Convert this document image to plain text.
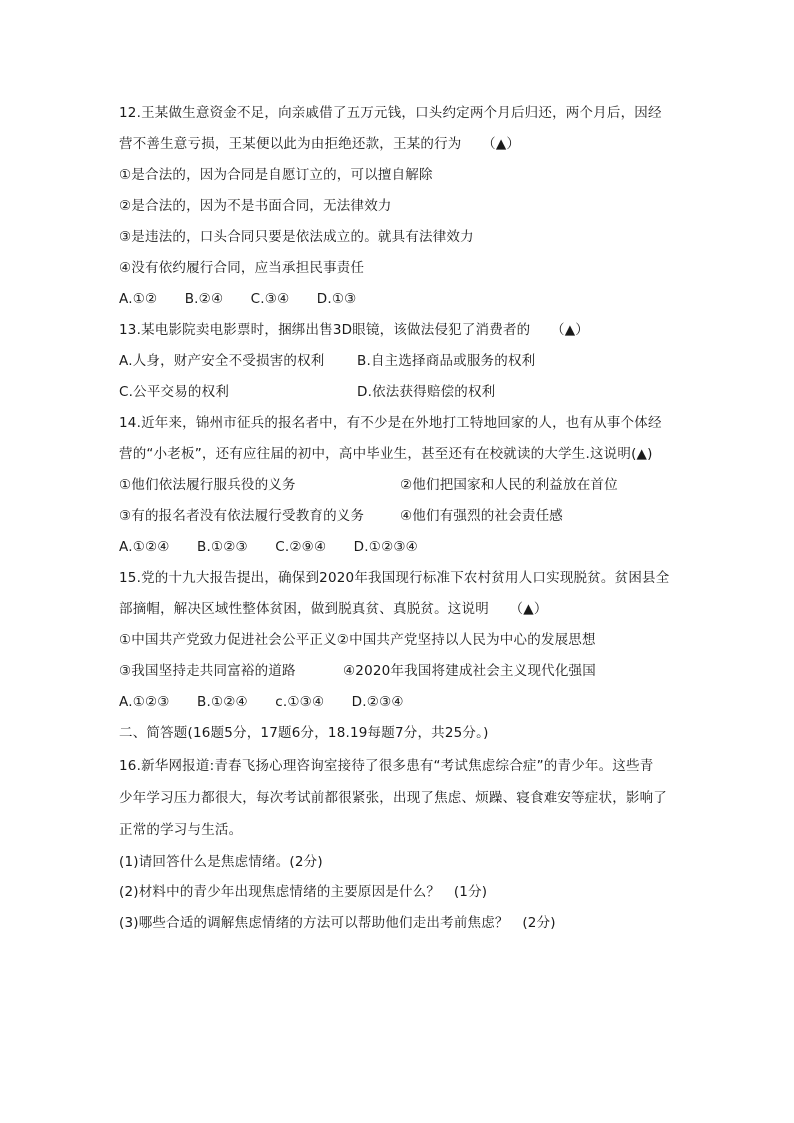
12.王某做生意资金不足，向亲戚借了五万元钱，口头约定两个月后归还，两个月后，因经
营不善生意亏损，王某便以此为由拒绝还款，王某的行为　　（▲）
①是合法的，因为合同是自愿订立的，可以擅自解除
②是合法的，因为不是书面合同，无法律效力
③是违法的，口头合同只要是依法成立的。就具有法律效力
④没有依约履行合同，应当承担民事责任
A.①②　　B.②④　　C.③④　　D.①③
13.某电影院卖电影票时，捆绑出售3D眼镜，该做法侵犯了消费者的　　（▲）
A.人身，财产安全不受损害的权利 B.自主选择商品或服务的权利
C.公平交易的权利	D.依法获得赔偿的权利
14.近年来，锦州市征兵的报名者中，有不少是在外地打工特地回家的人，也有从事个体经
营的“小老板”，还有应往届的初中，高中毕业生，甚至还有在校就读的大学生.这说明(▲)
①他们依法履行服兵役的义务	②他们把国家和人民的利益放在首位
③有的报名者没有依法履行受教育的义务	④他们有强烈的社会责任感
A.①②④　　B.①②③　　C.②⑨④　　D.①②③④
15.党的十九大报告提出，确保到2020年我国现行标准下农村贫用人口实现脱贫。贫困县全
部摘帽，解决区域性整体贫困，做到脱真贫、真脱贫。这说明　　（▲）
①中国共产党致力促进社会公平正义②中国共产党坚持以人民为中心的发展思想
③我国坚持走共同富裕的道路	④2020年我国将建成社会主义现代化强国
A.①②③　　B.①②④　　c.①③④　　D.②③④
二、简答题(16题5分，17题6分，18.19每题7分，共25分。)
16.新华网报道:青春飞扬心理咨询室接待了很多患有“考试焦虑综合症”的青少年。这些青
少年学习压力都很大，每次考试前都很紧张，出现了焦虑、烦躁、寝食难安等症状，影响了
正常的学习与生活。
(1)请回答什么是焦虑情绪。(2分)
(2)材料中的青少年出现焦虑情绪的主要原因是什么？　(1分)
(3)哪些合适的调解焦虑情绪的方法可以帮助他们走出考前焦虑？　(2分)
